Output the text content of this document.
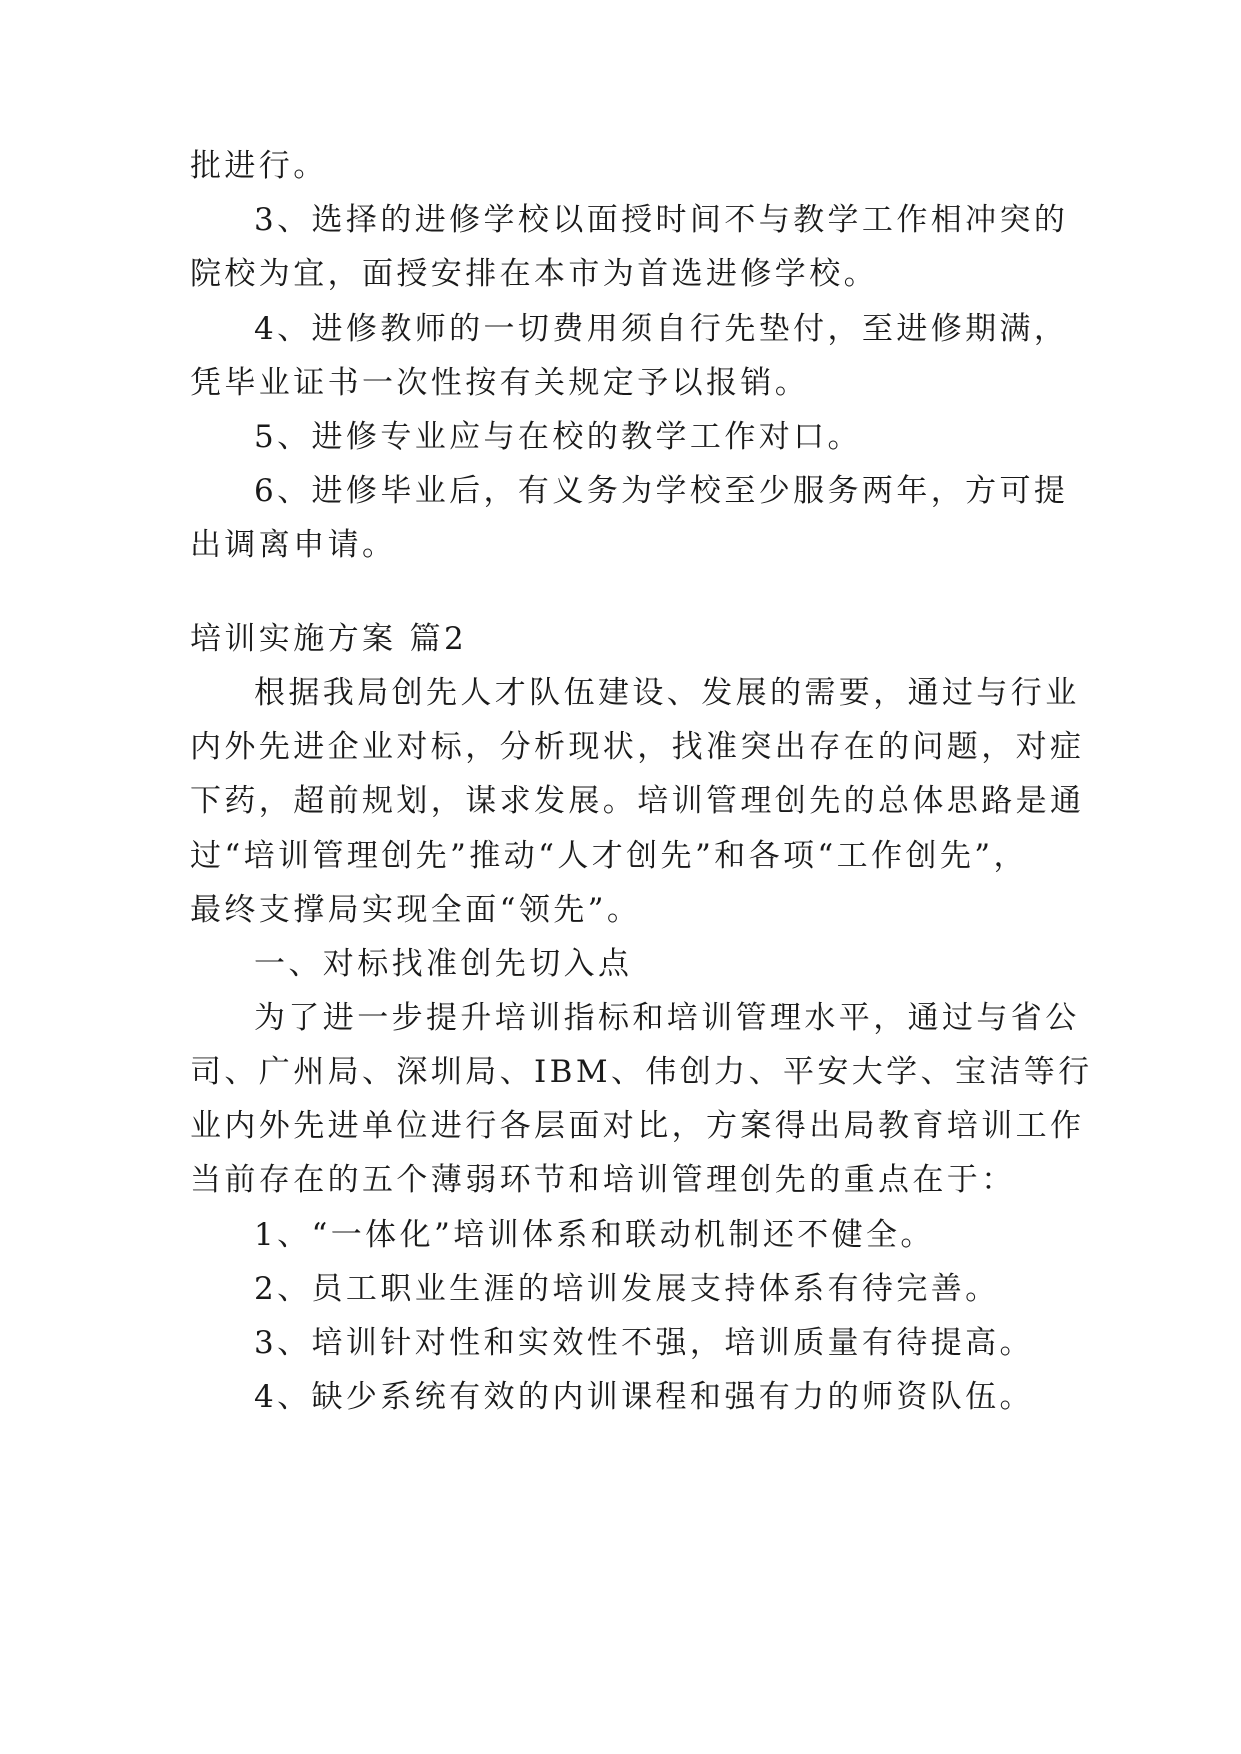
批进行。
3、选择的进修学校以面授时间不与教学工作相冲突的
院校为宜，面授安排在本市为首选进修学校。
4、进修教师的一切费用须自行先垫付，至进修期满，
凭毕业证书一次性按有关规定予以报销。
5、进修专业应与在校的教学工作对口。
6、进修毕业后，有义务为学校至少服务两年，方可提
出调离申请。
培训实施方案 篇2
根据我局创先人才队伍建设、发展的需要，通过与行业
内外先进企业对标，分析现状，找准突出存在的问题，对症
下药，超前规划，谋求发展。培训管理创先的总体思路是通
过“培训管理创先”推动“人才创先”和各项“工作创先”，
最终支撑局实现全面“领先”。
一、对标找准创先切入点
为了进一步提升培训指标和培训管理水平，通过与省公
司、广州局、深圳局、IBM、伟创力、平安大学、宝洁等行
业内外先进单位进行各层面对比，方案得出局教育培训工作
当前存在的五个薄弱环节和培训管理创先的重点在于：
1、“一体化”培训体系和联动机制还不健全。
2、员工职业生涯的培训发展支持体系有待完善。
3、培训针对性和实效性不强，培训质量有待提高。
4、缺少系统有效的内训课程和强有力的师资队伍。
